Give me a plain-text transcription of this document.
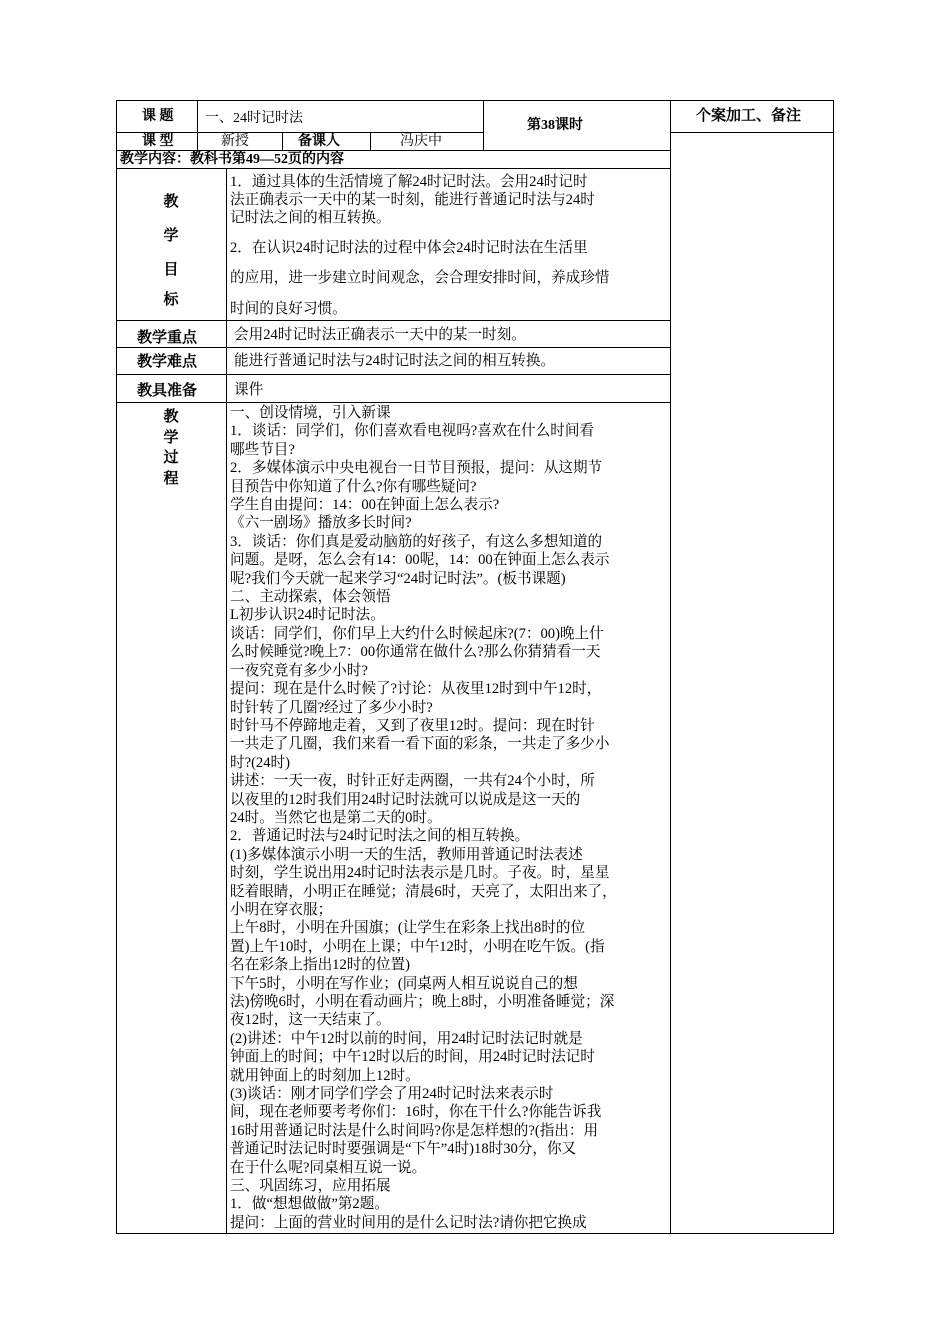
课 题 一、24时记时法	第38课时
个案加工、备注
课 型	新授	备课人	冯庆中
教学内容：教科书第49—52页的内容
教
学
目
标
1．通过具体的生活情境了解24时记时法。会用24时记时
法正确表示一天中的某一时刻，能进行普通记时法与24时
记时法之间的相互转换。
2．在认识24时记时法的过程中体会24时记时法在生活里
的应用，进一步建立时间观念，会合理安排时间，养成珍惜
时间的良好习惯。
教学重点	会用24时记时法正确表示一天中的某一时刻。
教学难点	能进行普通记时法与24时记时法之间的相互转换。
教具准备	课件
教
学
过
程
一、创设情境，引入新课
1．谈话：同学们，你们喜欢看电视吗?喜欢在什么时间看
哪些节目?
2．多媒体演示中央电视台一日节目预报，提问：从这期节
目预告中你知道了什么?你有哪些疑问?
学生自由提问：14：00在钟面上怎么表示?
《六一剧场》播放多长时间?
3．谈话：你们真是爱动脑筋的好孩子，有这么多想知道的
问题。是呀，怎么会有14：00呢，14：00在钟面上怎么表示
呢?我们今天就一起来学习“24时记时法”。(板书课题)
二、主动探索，体会领悟
L初步认识24时记时法。
谈话：同学们，你们早上大约什么时候起床?(7：00)晚上什
么时候睡觉?晚上7：00你通常在做什么?那么你猜猜看一天
一夜究竟有多少小时?
提问：现在是什么时候了?讨论：从夜里12时到中午12时，
时针转了几圈?经过了多少小时?
时针马不停蹄地走着，又到了夜里12时。提问：现在时针
一共走了几圈，我们来看一看下面的彩条，一共走了多少小
时?(24时)
讲述：一天一夜，时针正好走两圈，一共有24个小时，所
以夜里的12时我们用24时记时法就可以说成是这一天的
24时。当然它也是第二天的0时。
2．普通记时法与24时记时法之间的相互转换。
(1)多媒体演示小明一天的生活，教师用普通记时法表述
时刻，学生说出用24时记时法表示是几时。子夜。时，星星
眨着眼睛，小明正在睡觉；清晨6时，天亮了，太阳出来了，
小明在穿衣服；
上午8时，小明在升国旗；(让学生在彩条上找出8时的位
置)上午10时，小明在上课；中午12时，小明在吃午饭。(指
名在彩条上指出12时的位置)
下午5时，小明在写作业；(同桌两人相互说说自己的想
法)傍晚6时，小明在看动画片；晚上8时，小明准备睡觉；深
夜12时，这一天结束了。
(2)讲述：中午12时以前的时间，用24时记时法记时就是
钟面上的时间；中午12时以后的时间，用24时记时法记时
就用钟面上的时刻加上12时。
(3)谈话：刚才同学们学会了用24时记时法来表示时
间，现在老师要考考你们：16时，你在干什么?你能告诉我
16时用普通记时法是什么时间吗?你是怎样想的?(指出：用
普通记时法记时时要强调是“下午”4时)18时30分，你又
在于什么呢?同桌相互说一说。
三、巩固练习，应用拓展
1．做“想想做做”第2题。
提问：上面的营业时间用的是什么记时法?请你把它换成
